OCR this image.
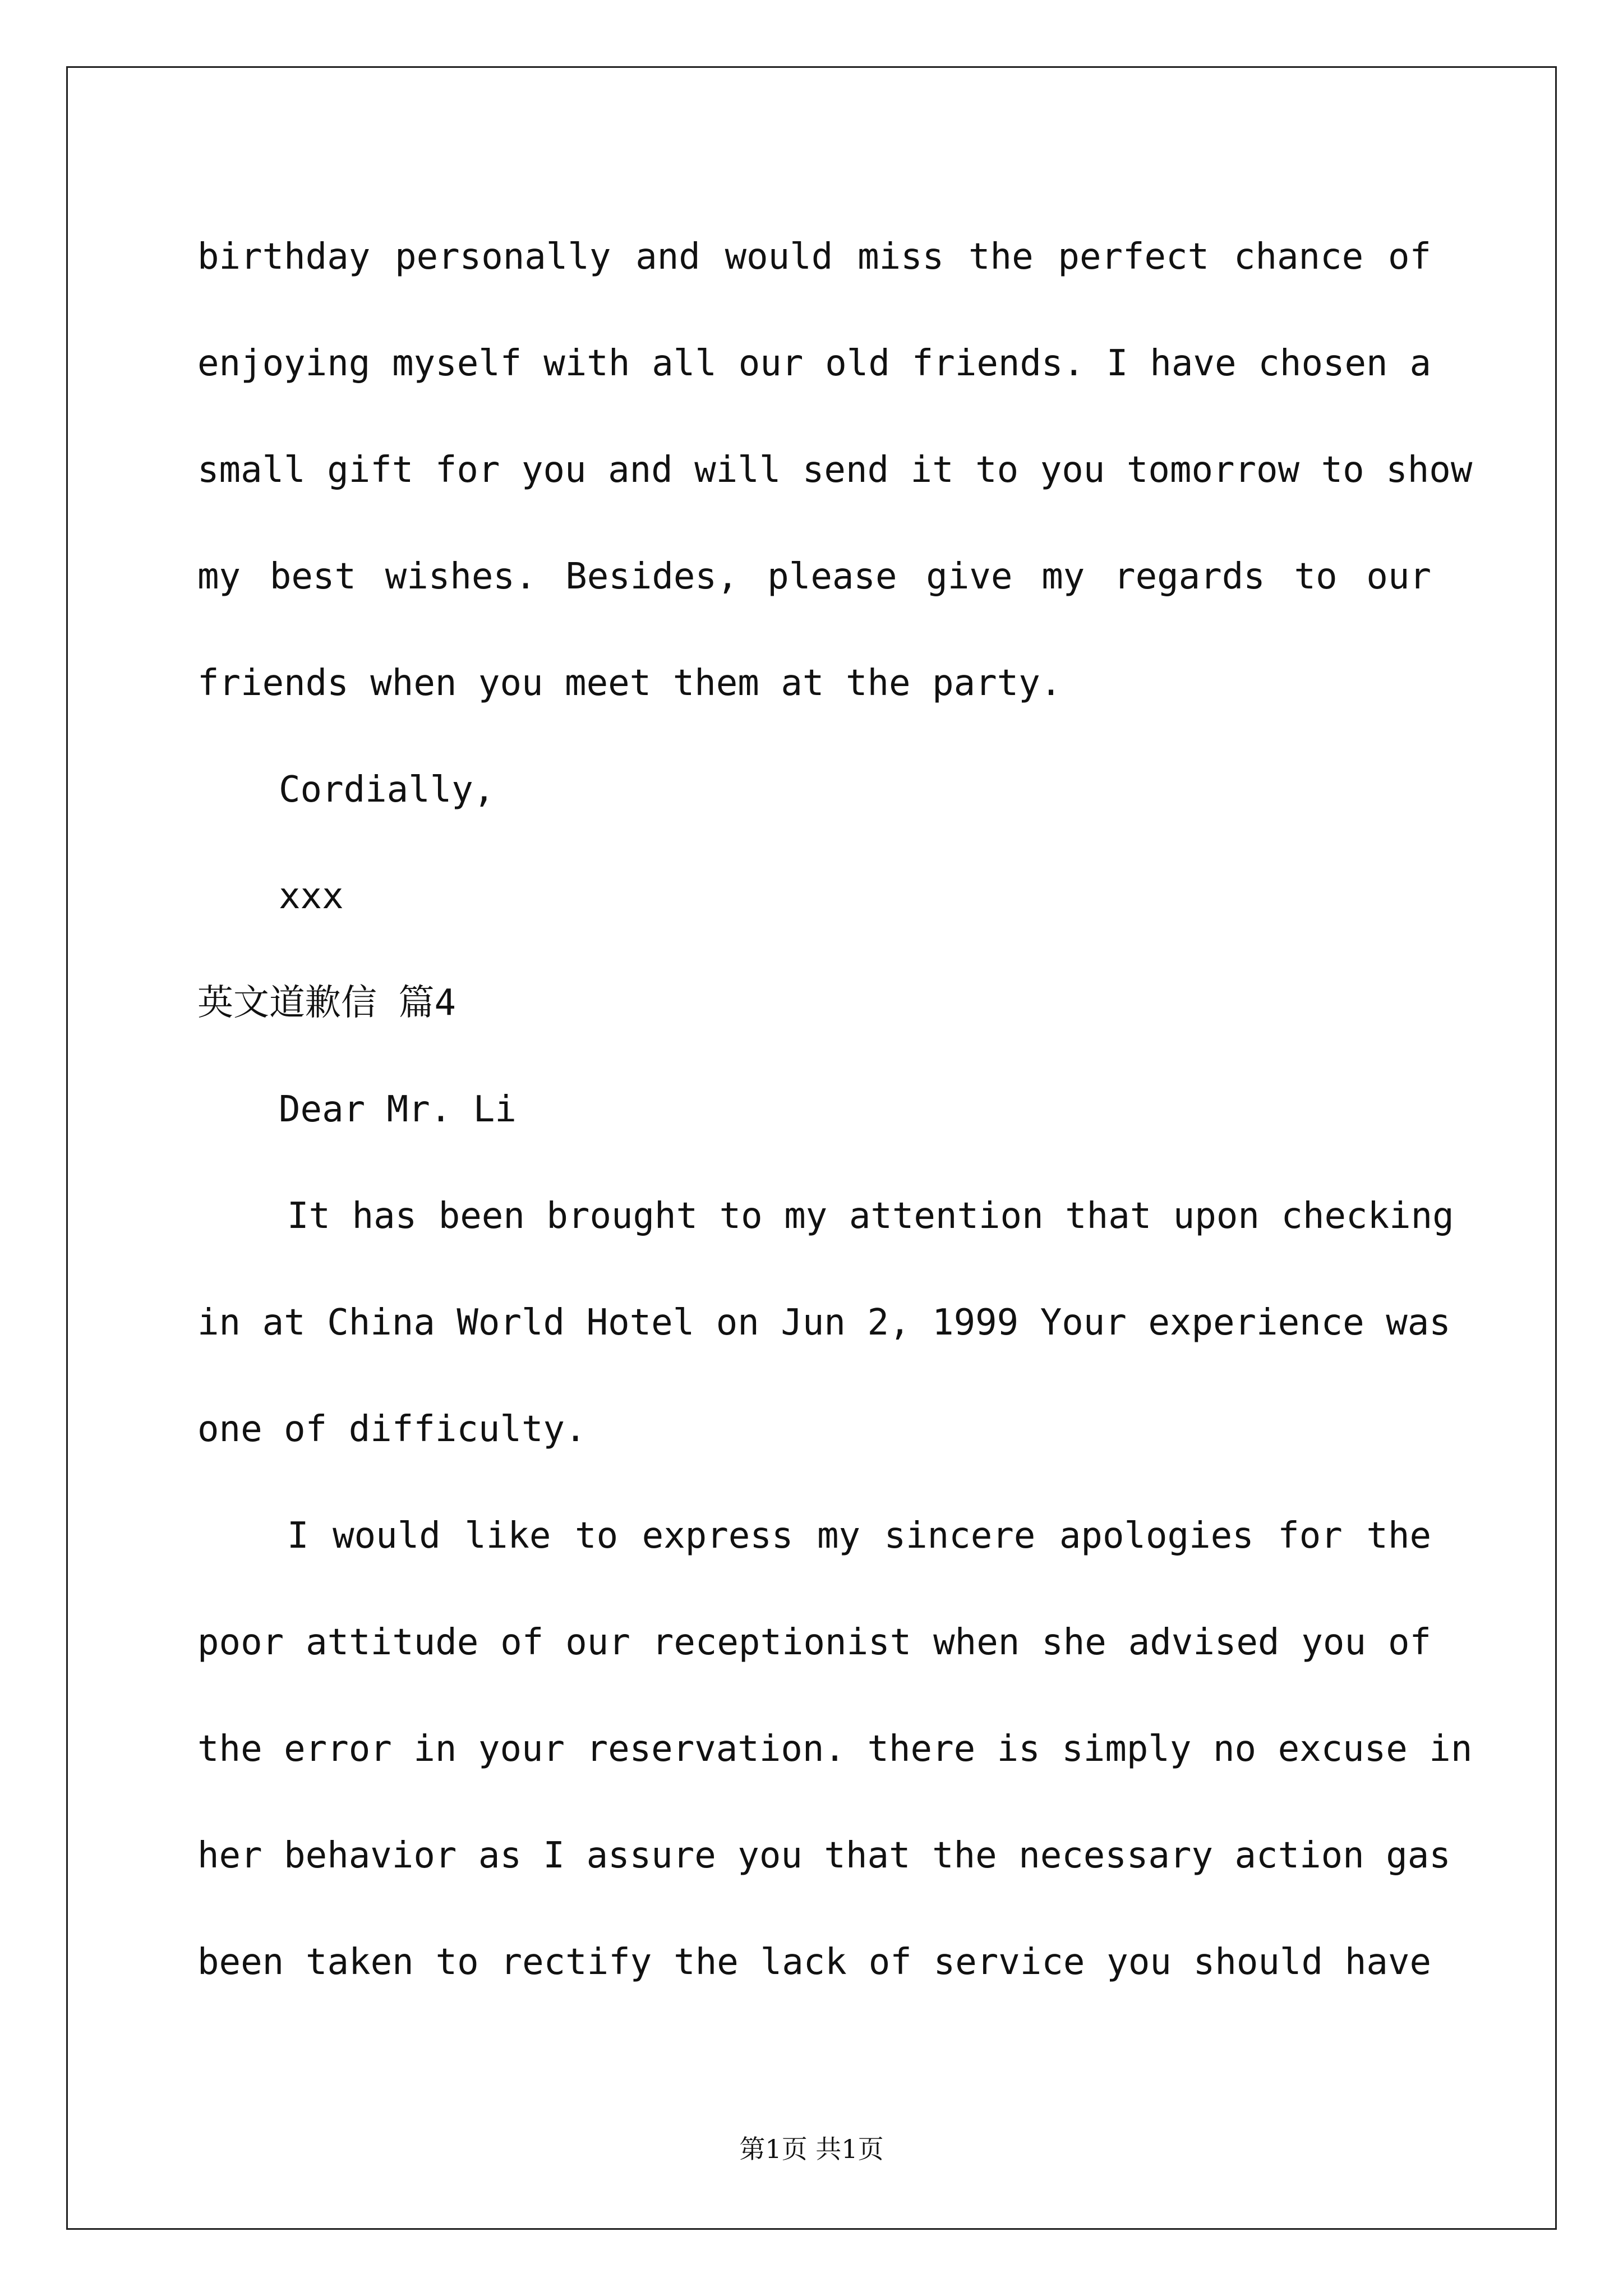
birthday personally and would miss the perfect chance of
enjoying myself with all our old friends. I have chosen a
small gift for you and will send it to you tomorrow to show
my best wishes. Besides, please give my regards to our
friends when you meet them at the party.
Cordially,
xxx
英文道歉信 篇4
Dear Mr. Li
It has been brought to my attention that upon checking
in at China World Hotel on Jun 2, 1999 Your experience was
one of difficulty.
I would like to express my sincere apologies for the
poor attitude of our receptionist when she advised you of
the error in your reservation. there is simply no excuse in
her behavior as I assure you that the necessary action gas
been taken to rectify the lack of service you should have
第1页 共1页
